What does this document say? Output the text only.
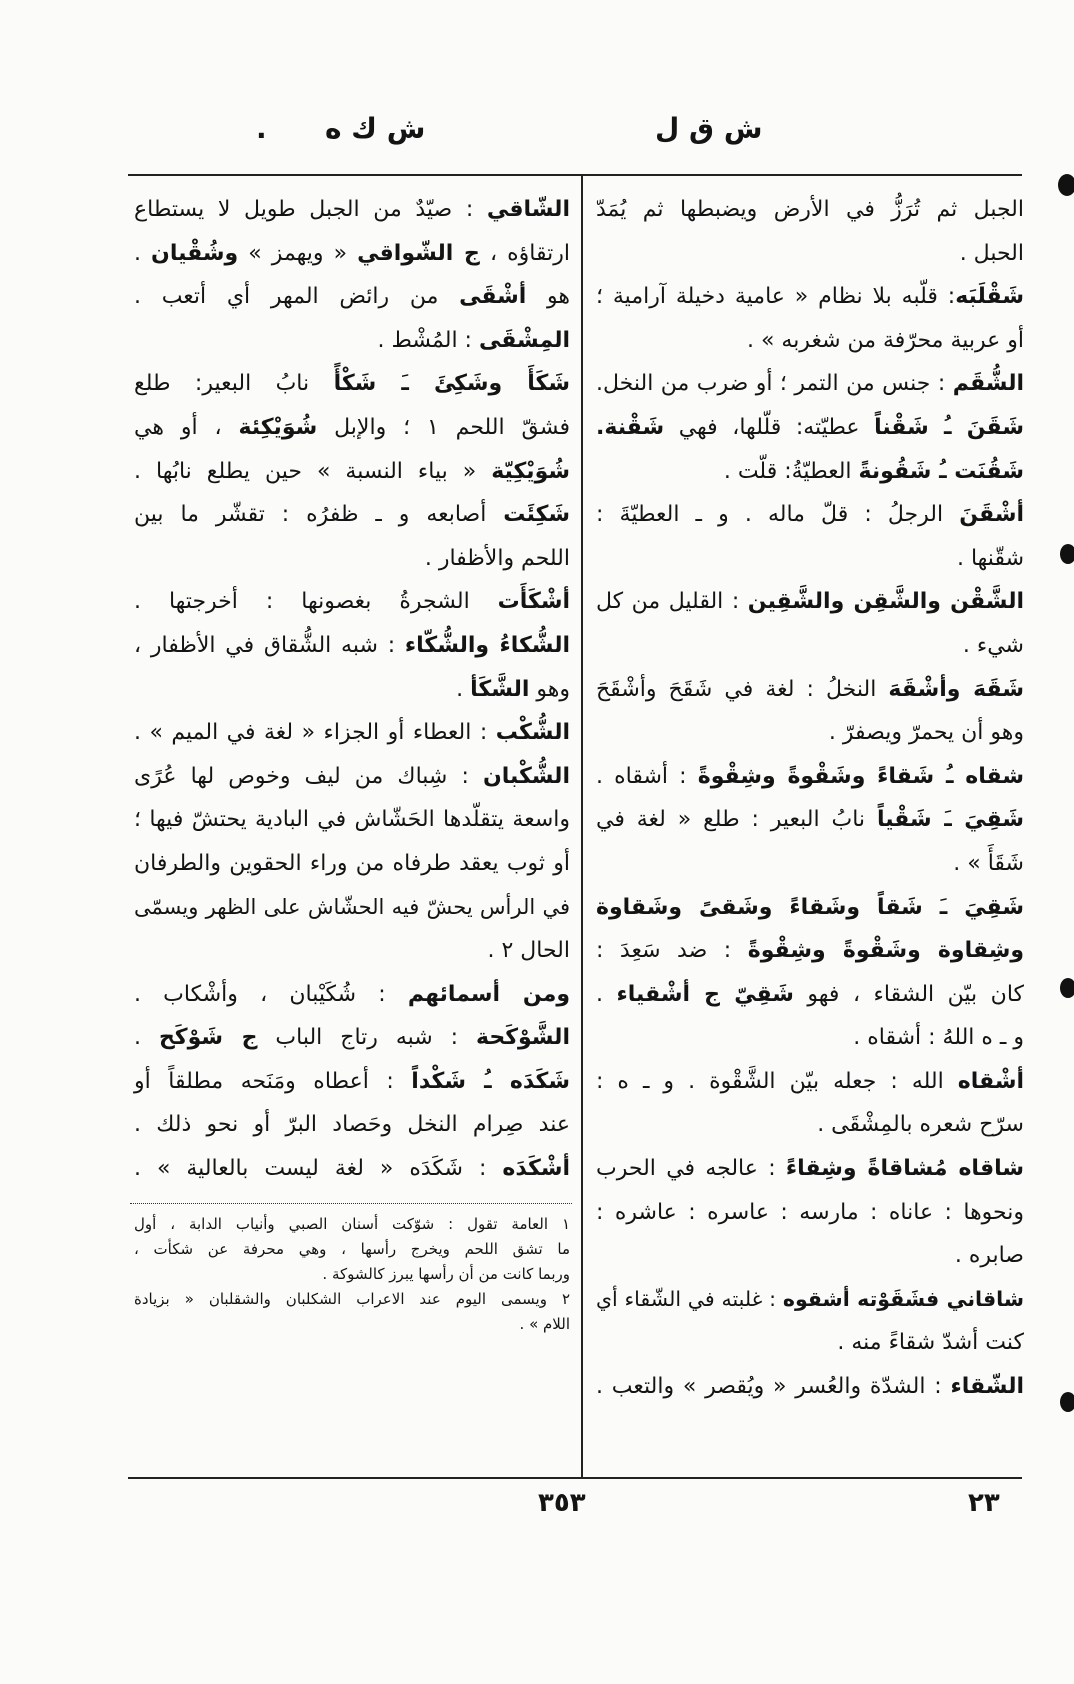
ش ق ل
ش ك ه
.
الجبل ثم تُرَزُّ في الأرض ويضبطها ثم يُمَدّ
الحبل .
شَقْلَبَه: قلّبه بلا نظام « عامية دخيلة آرامية ؛
أو عربية محرّفة من شغربه » .
الشُّقَم : جنس من التمر ؛ أو ضرب من النخل.
شَقَنَ ـُ شَقْناً عطيّته: قلّلها، فهي شَقْنة.
شَقُنَت ـُ شَقُونةً العطيّةُ: قلّت .
أشْقَنَ الرجلُ : قلّ ماله . و ـ العطيّةَ :
شقّنها .
الشَّقْن والشَّقِن والشَّقِين : القليل من كل
شيء .
شَقَهَ وأشْقَهَ النخلُ : لغة في شَقَحَ وأشْقَحَ
وهو أن يحمرّ ويصفرّ .
شقاه ـُ شَقاءً وشَقْوةً وشِقْوةً : أشقاه .
شَقِيَ ـَ شَقْياً نابُ البعير : طلع « لغة في
شَقَأَ » .
شَقِيَ ـَ شَقاً وشَقاءً وشَقىً وشَقاوة
وشِقاوة وشَقْوةً وشِقْوةً : ضد سَعِدَ :
كان بيّن الشقاء ، فهو شَقِيّ ج أشْقياء .
و ـ ه اللهُ : أشقاه .
أشْقاه الله : جعله بيّن الشَّقْوة . و ـ ه :
سرّح شعره بالمِشْقَى .
شاقاه مُشاقاةً وشِقاءً : عالجه في الحرب
ونحوها : عاناه : مارسه : عاسره : عاشره :
صابره .
شاقاني فشَقَوْته أشقوه : غلبته في الشّقاء أي
كنت أشدّ شقاءً منه .
الشّقاء : الشدّة والعُسر « ويُقصر » والتعب .
الشّاقي : صيّدٌ من الجبل طويل لا يستطاع
ارتقاؤه ، ج الشّواقي « ويهمز » وشُقْيان .
هو أشْقَى من رائض المهر أي أتعب .
المِشْقَى : المُشْط .
شَكَأَ وشَكِئَ ـَ شَكْأً نابُ البعير: طلع
فشقّ اللحم ١ ؛ والإبل شُوَيْكِئة ، أو هي
شُوَيْكِيّة « بياء النسبة » حين يطلع نابُها .
شَكِئَت أصابعه و ـ ظفرُه : تقشّر ما بين
اللحم والأظفار .
أشْكَأَت الشجرةُ بغصونها : أخرجتها .
الشُّكاءُ والشُّكّاء : شبه الشُّقاق في الأظفار ،
وهو الشَّكَأ .
الشُّكْب : العطاء أو الجزاء « لغة في الميم » .
الشُّكْبان : شِباك من ليف وخوص لها عُرًى
واسعة يتقلّدها الحَشّاش في البادية يحتشّ فيها ؛
أو ثوب يعقد طرفاه من وراء الحقوين والطرفان
في الرأس يحشّ فيه الحشّاش على الظهر ويسمّى
الحال ٢ .
ومن أسمائهم : شُكَيْبان ، وأشْكاب .
الشَّوْكَحة : شبه رتاج الباب ج شَوْكَح .
شَكَدَه ـُ شَكْداً : أعطاه ومَنَحه مطلقاً أو
عند صِرام النخل وحَصاد البرّ أو نحو ذلك .
أشْكَدَه : شَكَدَه « لغة ليست بالعالية » .
١ العامة تقول : شوّكت أسنان الصبي وأنياب الدابة ، أول
ما تشق اللحم ويخرج رأسها ، وهي محرفة عن شكأت ،
وربما كانت من أن رأسها يبرز كالشوكة .
٢ ويسمى اليوم عند الاعراب الشكلبان والشقلبان « بزيادة
اللام » .
٢٣
٣٥٣
